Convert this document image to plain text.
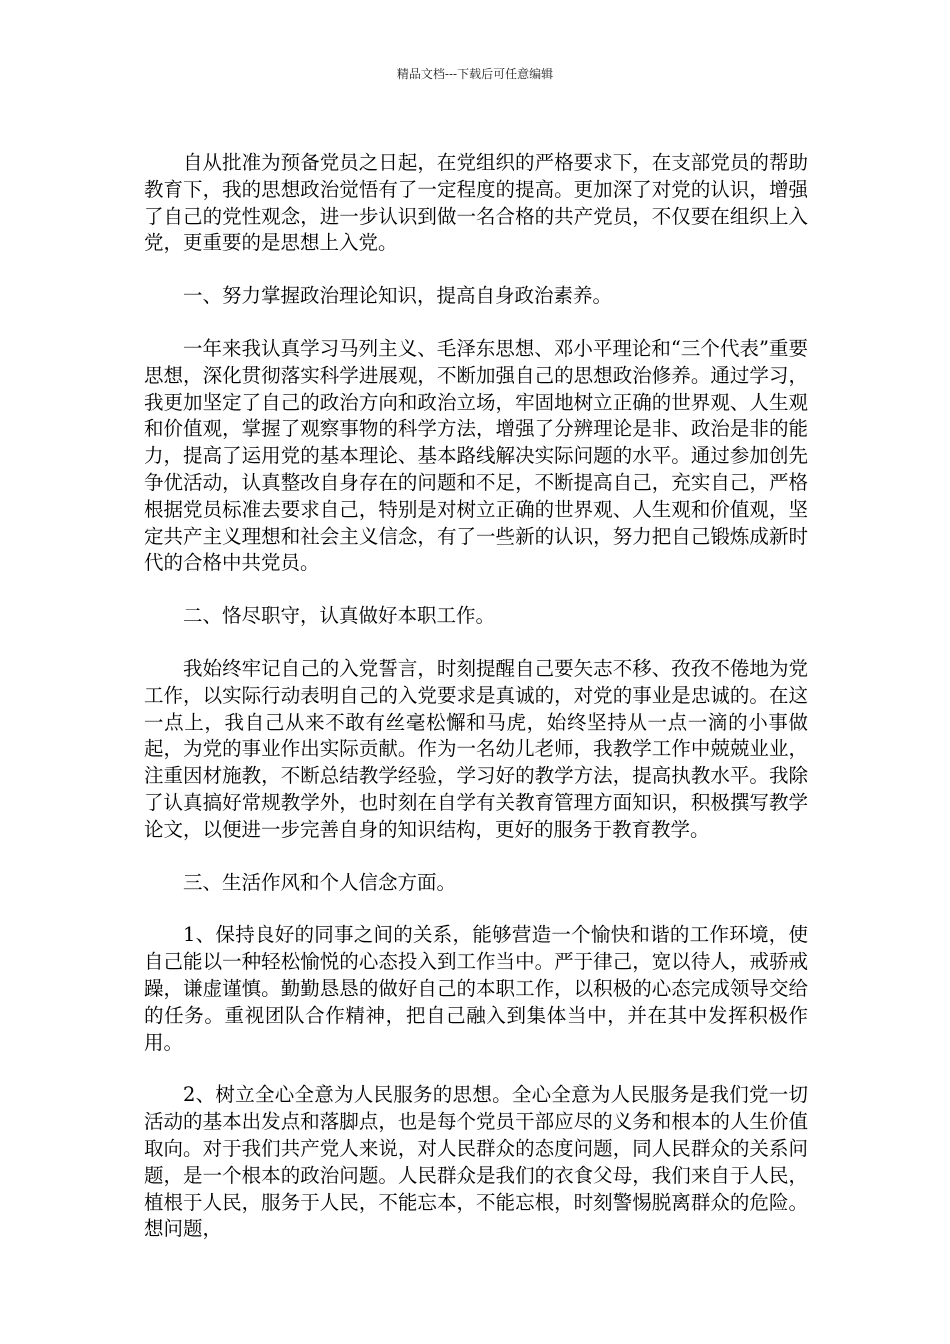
精品文档---下载后可任意编辑

自从批准为预备党员之日起，在党组织的严格要求下，在支部党员的帮助教育下，我的思想政治觉悟有了一定程度的提高。更加深了对党的认识，增强了自己的党性观念，进一步认识到做一名合格的共产党员，不仅要在组织上入党，更重要的是思想上入党。

一、努力掌握政治理论知识，提高自身政治素养。

一年来我认真学习马列主义、毛泽东思想、邓小平理论和“三个代表”重要思想，深化贯彻落实科学进展观，不断加强自己的思想政治修养。通过学习，我更加坚定了自己的政治方向和政治立场，牢固地树立正确的世界观、人生观和价值观，掌握了观察事物的科学方法，增强了分辨理论是非、政治是非的能力，提高了运用党的基本理论、基本路线解决实际问题的水平。通过参加创先争优活动，认真整改自身存在的问题和不足，不断提高自己，充实自己，严格根据党员标准去要求自己，特别是对树立正确的世界观、人生观和价值观，坚定共产主义理想和社会主义信念，有了一些新的认识，努力把自己锻炼成新时代的合格中共党员。

二、恪尽职守，认真做好本职工作。

我始终牢记自己的入党誓言，时刻提醒自己要矢志不移、孜孜不倦地为党工作，以实际行动表明自己的入党要求是真诚的，对党的事业是忠诚的。在这一点上，我自己从来不敢有丝毫松懈和马虎，始终坚持从一点一滴的小事做起，为党的事业作出实际贡献。作为一名幼儿老师，我教学工作中兢兢业业，注重因材施教，不断总结教学经验，学习好的教学方法，提高执教水平。我除了认真搞好常规教学外，也时刻在自学有关教育管理方面知识，积极撰写教学论文，以便进一步完善自身的知识结构，更好的服务于教育教学。

三、生活作风和个人信念方面。

1、保持良好的同事之间的关系，能够营造一个愉快和谐的工作环境，使自己能以一种轻松愉悦的心态投入到工作当中。严于律己，宽以待人，戒骄戒躁，谦虚谨慎。勤勤恳恳的做好自己的本职工作，以积极的心态完成领导交给的任务。重视团队合作精神，把自己融入到集体当中，并在其中发挥积极作用。

2、树立全心全意为人民服务的思想。全心全意为人民服务是我们党一切活动的基本出发点和落脚点，也是每个党员干部应尽的义务和根本的人生价值取向。对于我们共产党人来说，对人民群众的态度问题，同人民群众的关系问题，是一个根本的政治问题。人民群众是我们的衣食父母，我们来自于人民，植根于人民，服务于人民，不能忘本，不能忘根，时刻警惕脱离群众的危险。想问题，
